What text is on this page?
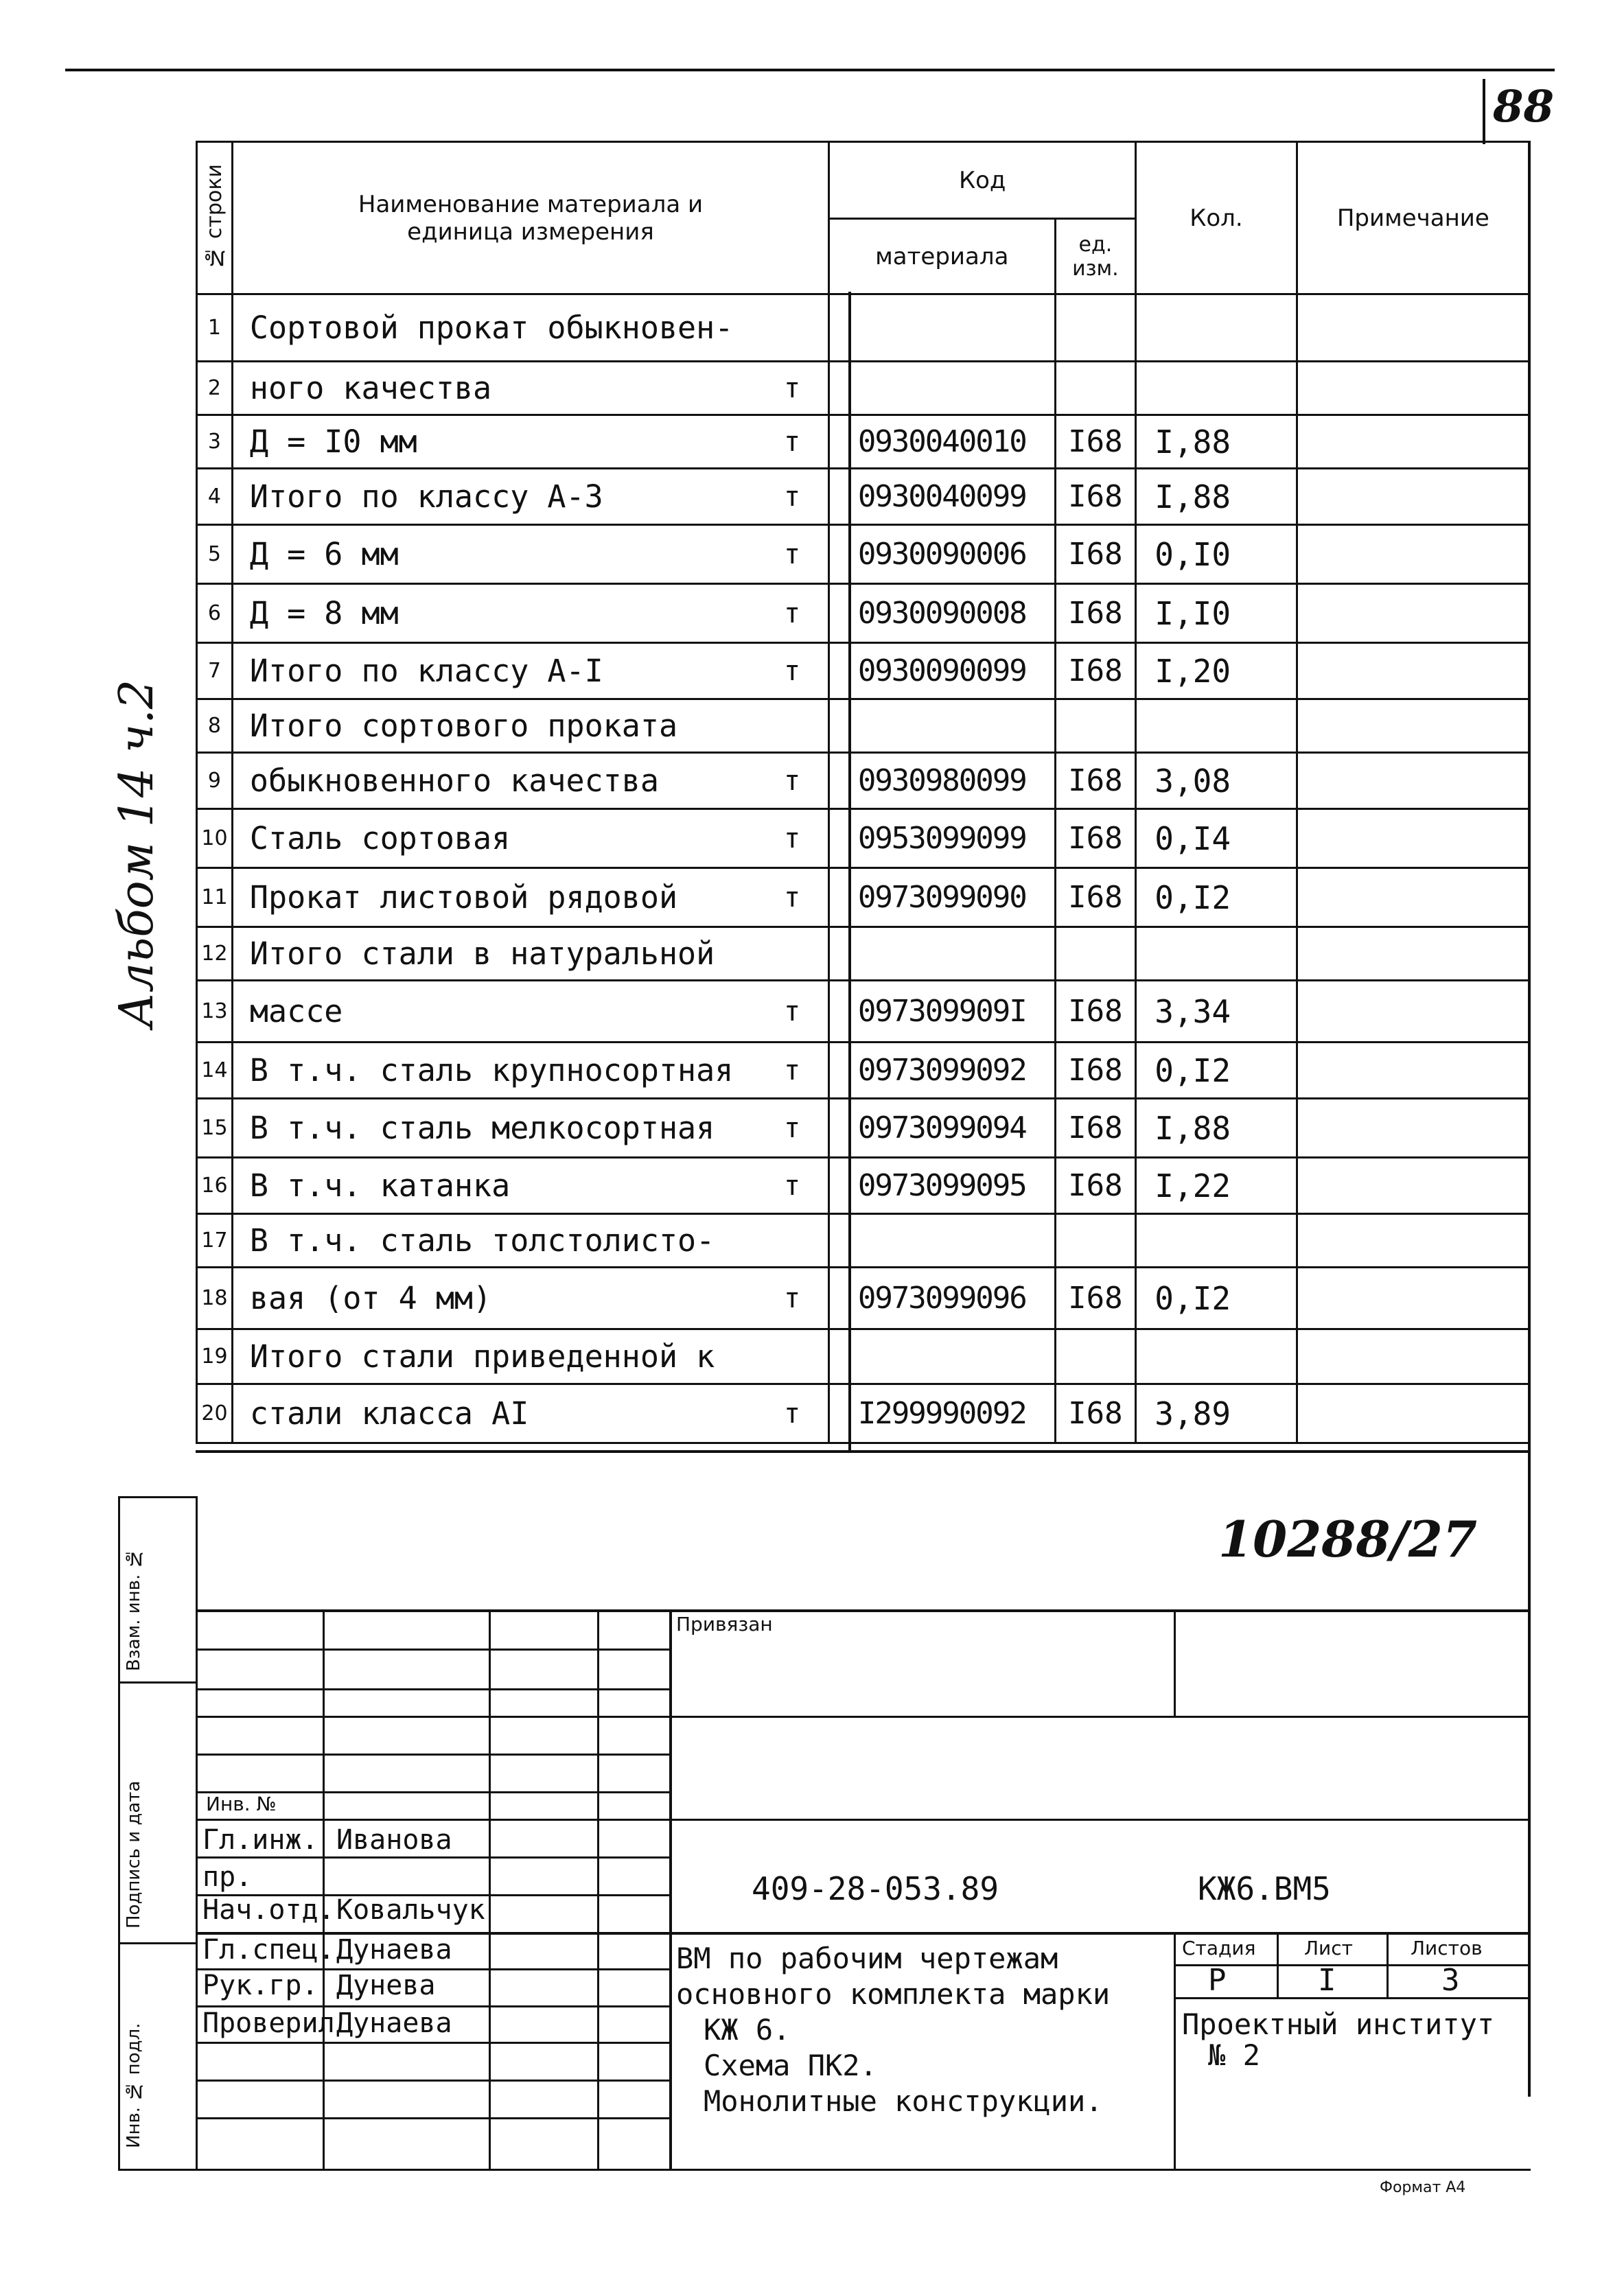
88
Альбом 14 ч.2
№ строки	Наименование материала и единица измерения	Код		Кол.	Примечание
		материала	ед. изм.		
1	Сортовой прокат обыкновен-

2	ного качества т				

3	Д = I0 мм т	0930040010	I68	I,88	
4	Итого по классу А-3 т	0930040099	I68	I,88	
5	Д = 6 мм т	0930090006	I68	0,I0	
6	Д = 8 мм т	0930090008	I68	I,I0	
7	Итого по классу А-I т	0930090099	I68	I,20	
8	Итого сортового проката

9	обыкновенного качества т	0930980099	I68	3,08	
10	Сталь сортовая т	0953099099	I68	0,I4	
11	Прокат листовой рядовой т	0973099090	I68	0,I2	
12	Итого стали в натуральной

13	массе т	097309909I	I68	3,34	
14	В т.ч. сталь крупносортная т	0973099092	I68	0,I2	
15	В т.ч. сталь мелкосортная т	0973099094	I68	I,88	
16	В т.ч. катанка т	0973099095	I68	I,22	
17	В т.ч. сталь толстолисто-

18	вая (от 4 мм) т	0973099096	I68	0,I2	
19	Итого стали приведенной к

20	стали класса АI т	I299990092	I68	3,89	
10288/27
Взам. инв. №
Подпись и дата
Инв. № подл.
Привязан
Инв. №
Гл.инж. Иванова
пр.
Нач.отд. Ковальчук
Гл.спец. Дунаева
Рук.гр. Дунева
Проверил Дунаева
409-28-053.89	КЖ6.ВМ5
ВМ по рабочим чертежам
основного комплекта марки
КЖ 6.
Схема ПК2.
Монолитные конструкции.
Стадия	Лист	Листов
Р	I	3
Проектный институт
№ 2
Формат А4
